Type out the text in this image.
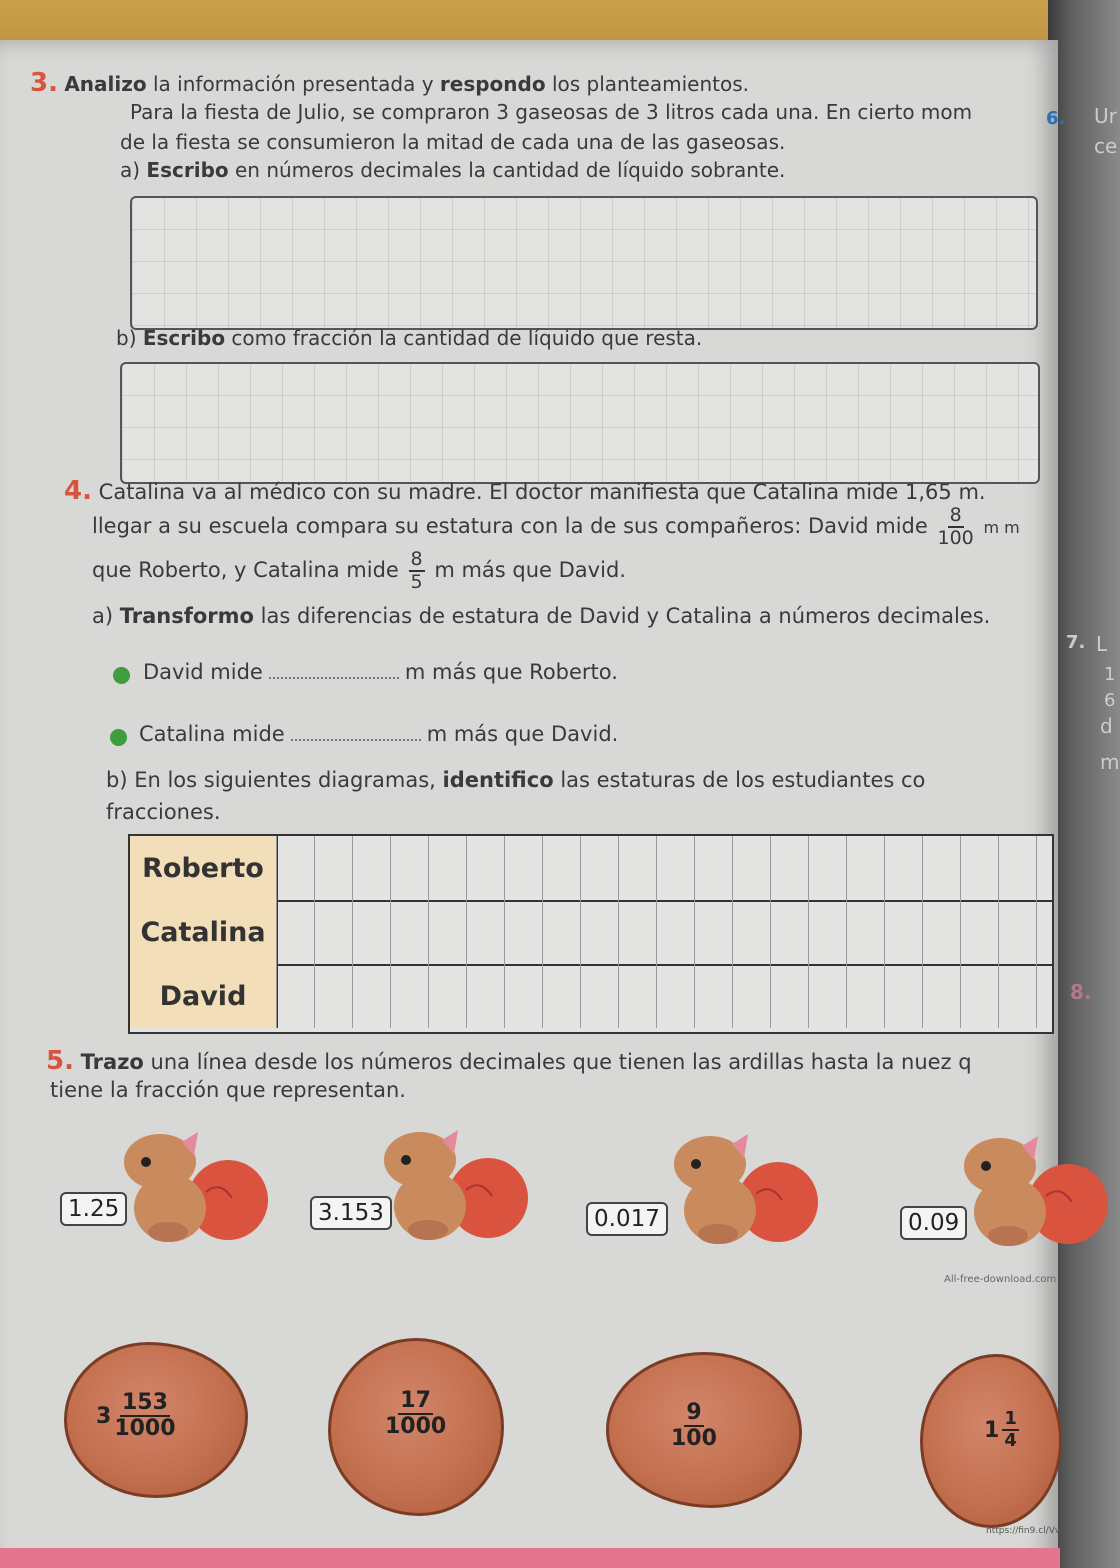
3. Analizo la información presentada y respondo los planteamientos.
Para la fiesta de Julio, se compraron 3 gaseosas de 3 litros cada una. En cierto mom
de la fiesta se consumieron la mitad de cada una de las gaseosas.
a) Escribo en números decimales la cantidad de líquido sobrante.
b) Escribo como fracción la cantidad de líquido que resta.
4. Catalina va al médico con su madre. El doctor manifiesta que Catalina mide 1,65 m.
llegar a su escuela compara su estatura con la de sus compañeros: David mide $\frac{8}{100}$ m m
que Roberto, y Catalina mide $\frac{8}{5}$ m más que David.
a) Transformo las diferencias de estatura de David y Catalina a números decimales.
David mide	m más que Roberto.
Catalina mide	m más que David.
b) En los siguientes diagramas, identifico las estaturas de los estudiantes co
fracciones.
Roberto
Catalina
David
5. Trazo una línea desde los números decimales que tienen las ardillas hasta la nuez q
tiene la fracción que representan.
1.25	3.153	0.017	0.09
All-free-download.com
$3 \frac{153}{1000}$	$\frac{17}{1000}$	$\frac{9}{100}$	$1 \frac{1}{4}$
https://fin9.cl/Vvs
6. Ur
ce
7. L
1
6
d
m
8.
